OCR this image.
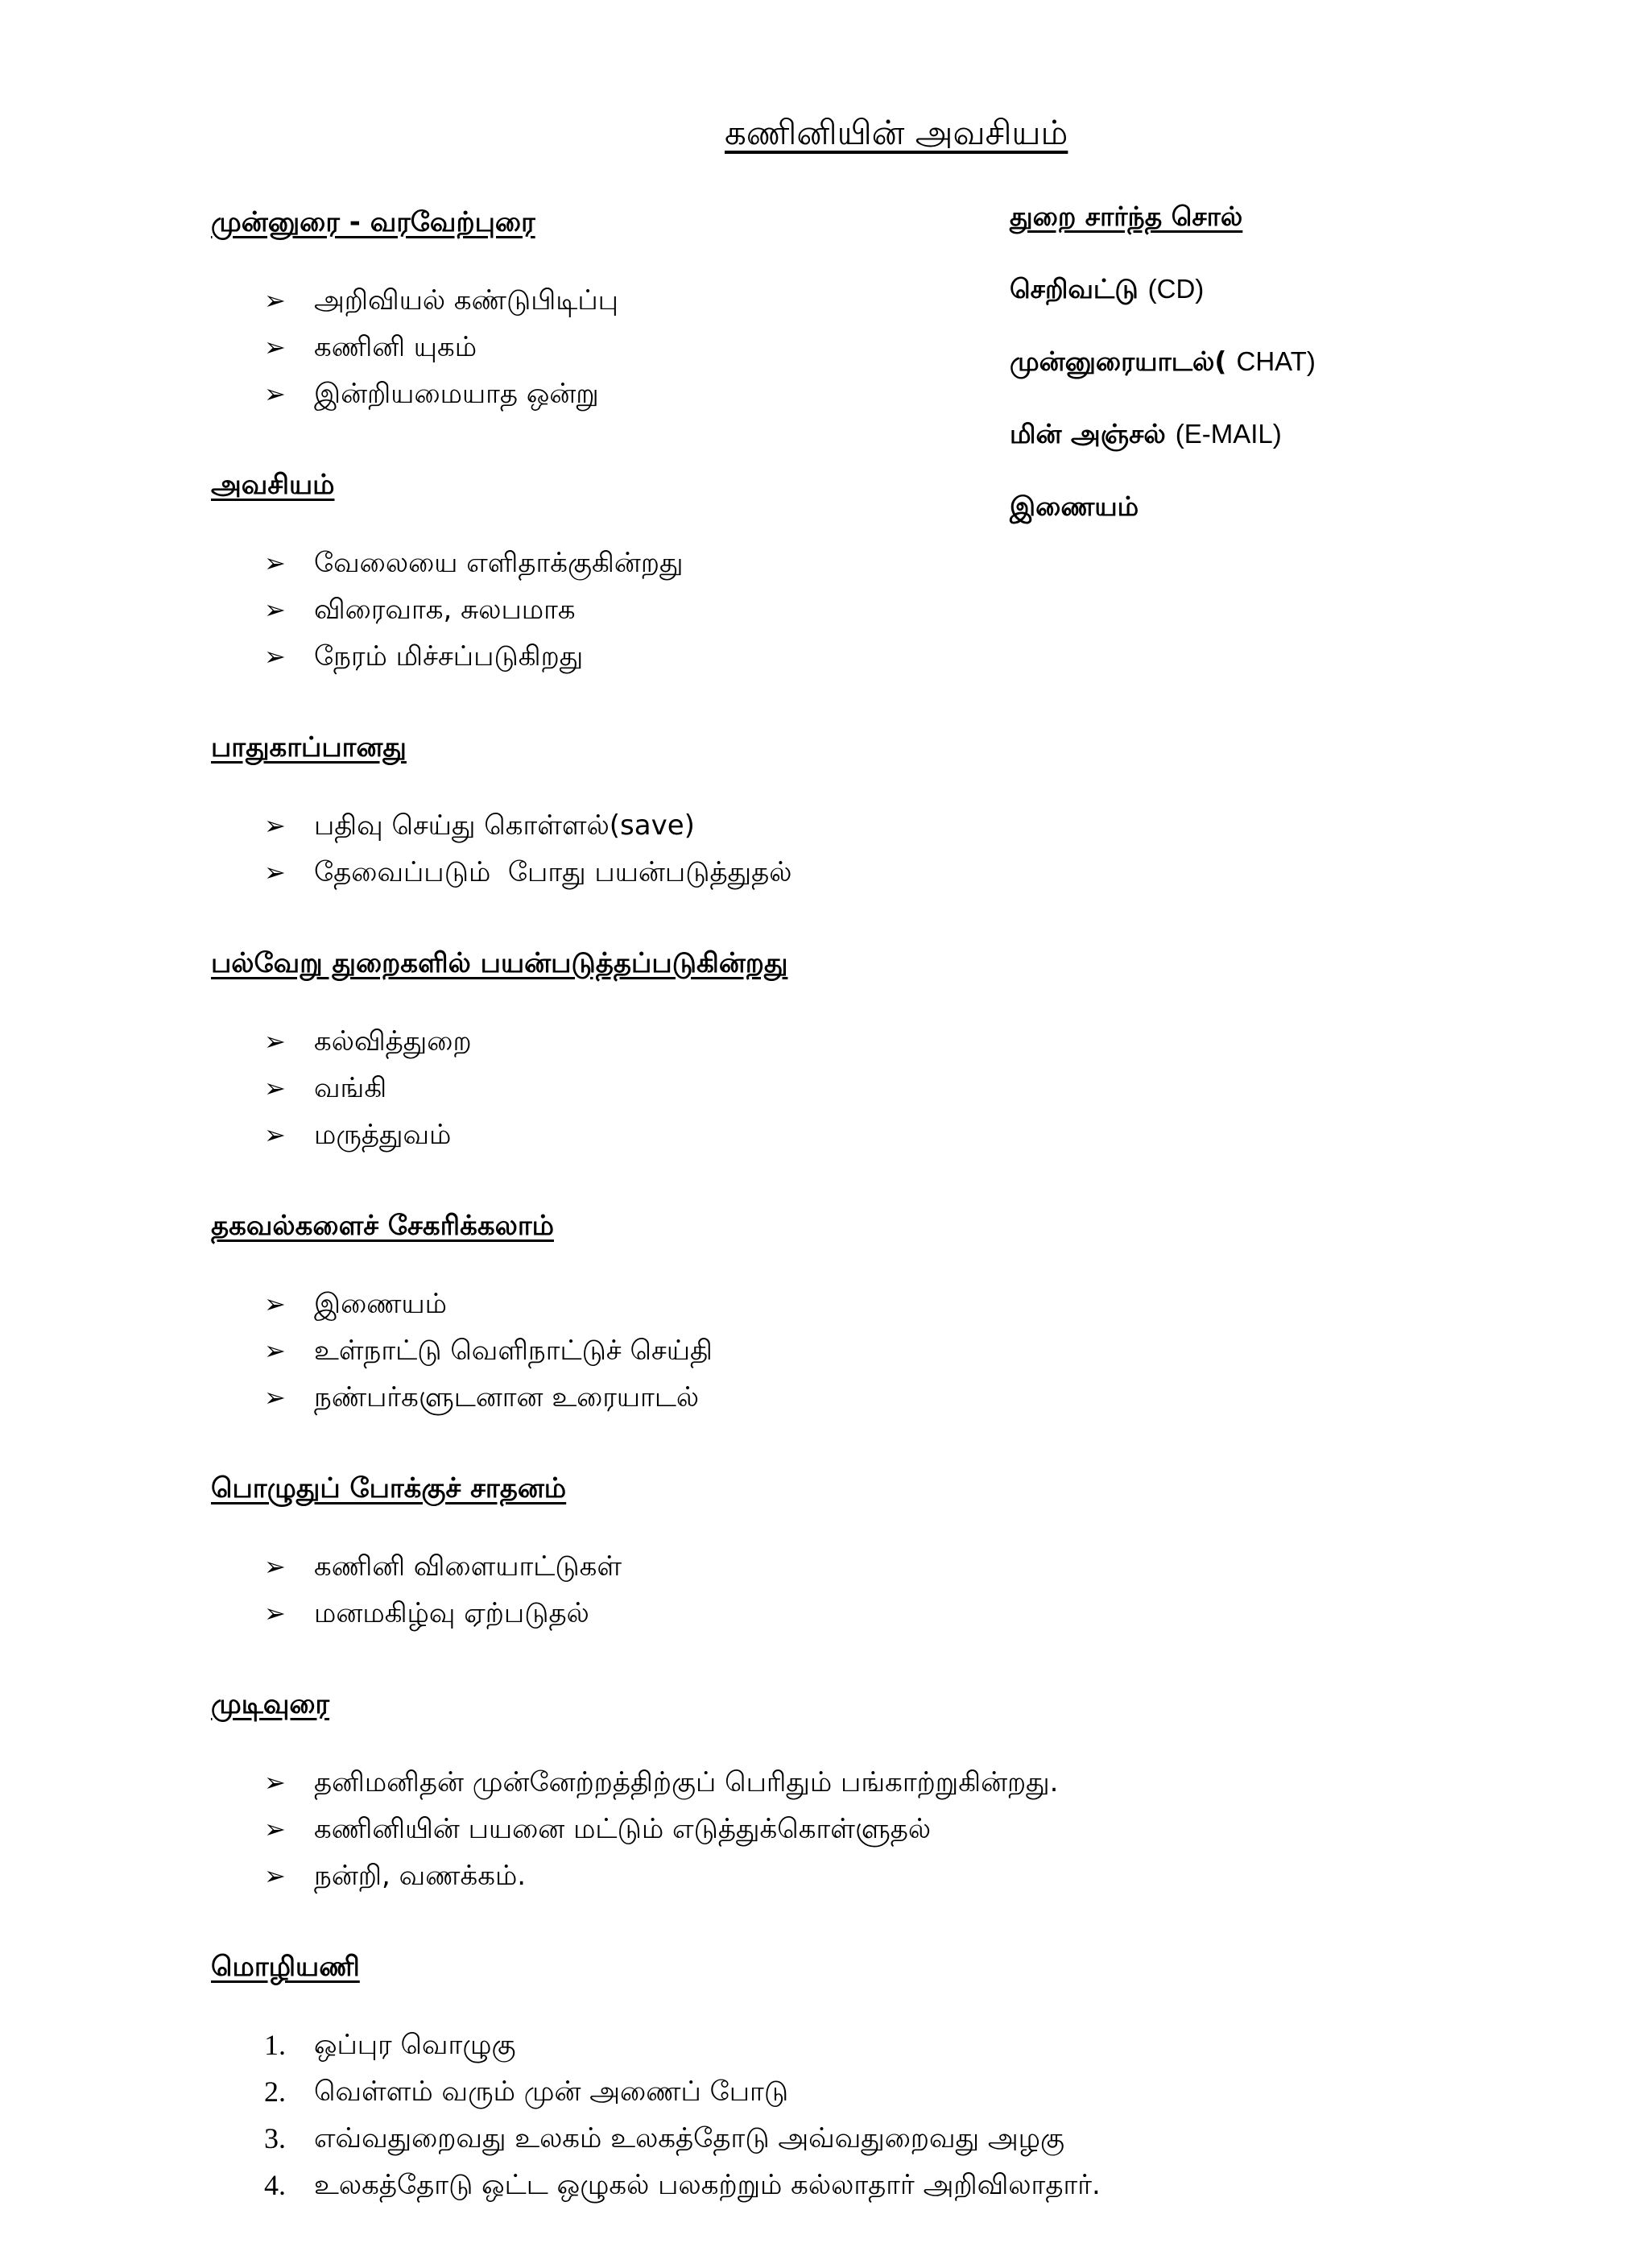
கணினியின் அவசியம்
முன்னுரை - வரவேற்புரை
➢	அறிவியல் கண்டுபிடிப்பு
➢	கணினி யுகம்
➢	இன்றியமையாத ஒன்று
அவசியம்
➢	வேலையை எளிதாக்குகின்றது
➢	விரைவாக, சுலபமாக
➢	நேரம் மிச்சப்படுகிறது
பாதுகாப்பானது
➢	பதிவு செய்து கொள்ளல்(save)
➢	தேவைப்படும்  போது பயன்படுத்துதல்
பல்வேறு துறைகளில் பயன்படுத்தப்படுகின்றது
➢	கல்வித்துறை
➢	வங்கி
➢	மருத்துவம்
தகவல்களைச் சேகரிக்கலாம்
➢	இணையம்
➢	உள்நாட்டு வெளிநாட்டுச் செய்தி
➢	நண்பர்களுடனான உரையாடல்
பொழுதுப் போக்குச் சாதனம்
➢	கணினி விளையாட்டுகள்
➢	மனமகிழ்வு ஏற்படுதல்
முடிவுரை
➢	தனிமனிதன் முன்னேற்றத்திற்குப் பெரிதும் பங்காற்றுகின்றது.
➢	கணினியின் பயனை மட்டும் எடுத்துக்கொள்ளுதல்
➢	நன்றி, வணக்கம்.
மொழியணி
1.	ஒப்புர வொழுகு
2.	வெள்ளம் வரும் முன் அணைப் போடு
3.	எவ்வதுறைவது உலகம் உலகத்தோடு அவ்வதுறைவது அழகு
4.	உலகத்தோடு ஒட்ட ஒழுகல் பலகற்றும் கல்லாதார் அறிவிலாதார்.
துறை சார்ந்த சொல்
செறிவட்டு (CD)
முன்னுரையாடல்( CHAT)
மின் அஞ்சல் (E-MAIL)
இணையம்
